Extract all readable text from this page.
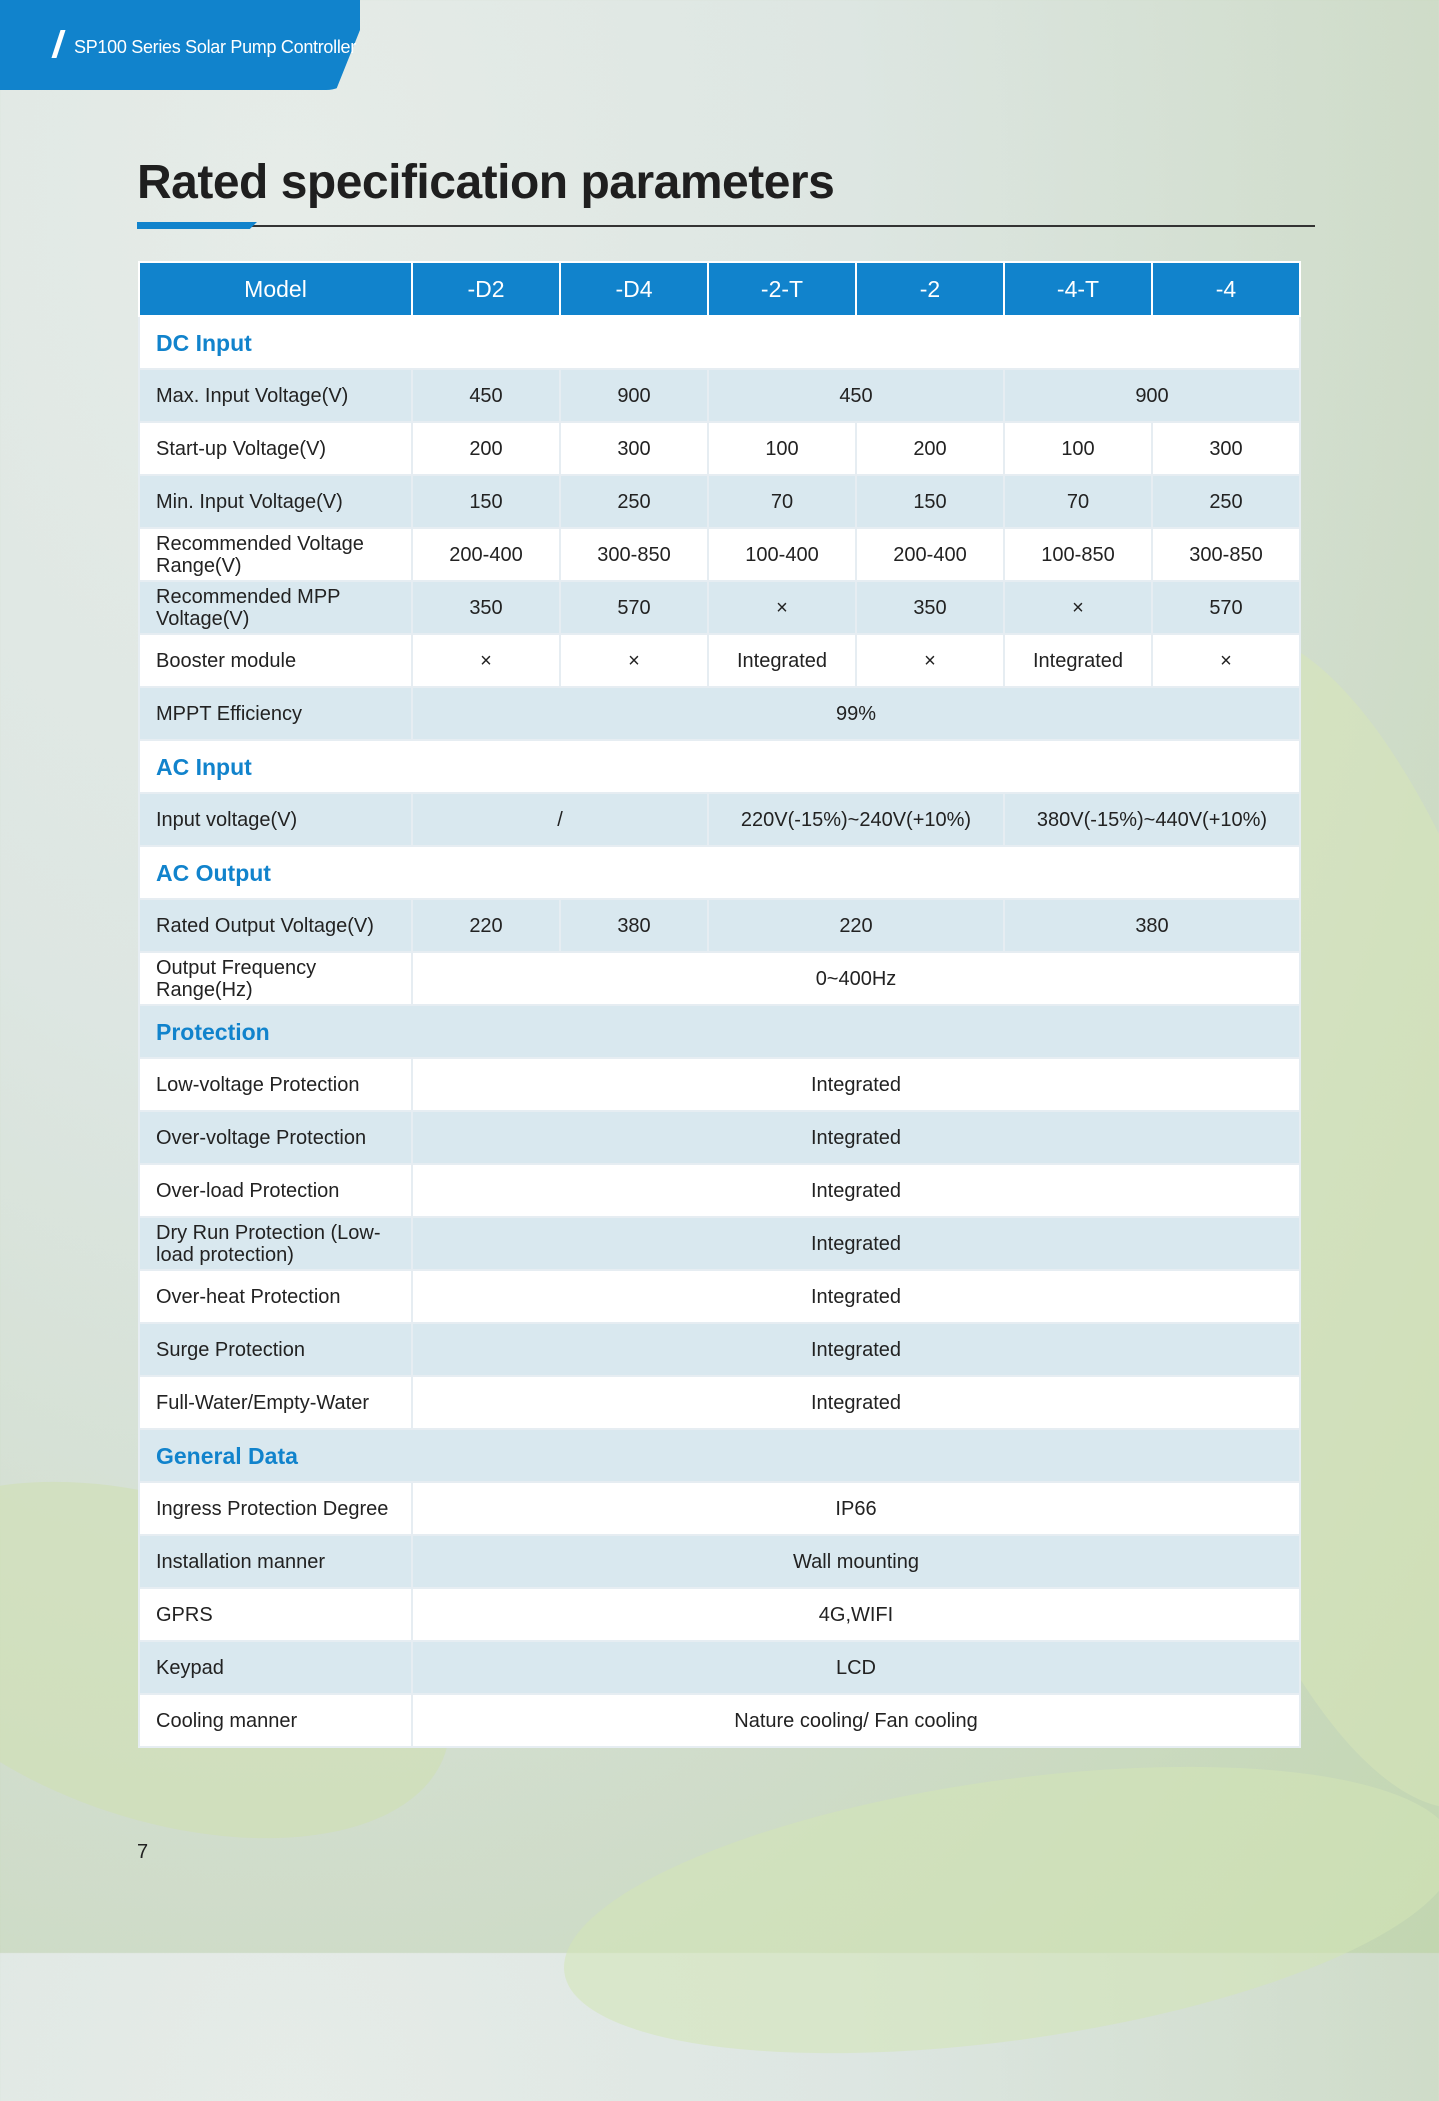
SP100 Series Solar Pump Controller
Rated specification parameters
Model	-D2	-D4	-2-T	-2	-4-T	-4
DC Input						
Max. Input Voltage(V)	450	900	450		900	
Start-up Voltage(V)	200	300	100	200	100	300
Min. Input Voltage(V)	150	250	70	150	70	250
Recommended Voltage Range(V)	200-400	300-850	100-400	200-400	100-850	300-850
Recommended MPP Voltage(V)	350	570	×	350	×	570
Booster module	×	×	Integrated	×	Integrated	×
MPPT Efficiency	99%					
AC Input						
Input voltage(V)	/		220V(-15%)~240V(+10%)		380V(-15%)~440V(+10%)	
AC Output						
Rated Output Voltage(V)	220	380	220		380	
Output Frequency Range(Hz)	0~400Hz					
Protection						
Low-voltage Protection	Integrated					
Over-voltage Protection	Integrated					
Over-load Protection	Integrated					
Dry Run Protection (Low-load protection)	Integrated					
Over-heat Protection	Integrated					
Surge Protection	Integrated					
Full-Water/Empty-Water	Integrated					
General Data						
Ingress Protection Degree	IP66					
Installation manner	Wall mounting					
GPRS	4G,WIFI					
Keypad	LCD					
Cooling manner	Nature cooling/ Fan cooling					
7
